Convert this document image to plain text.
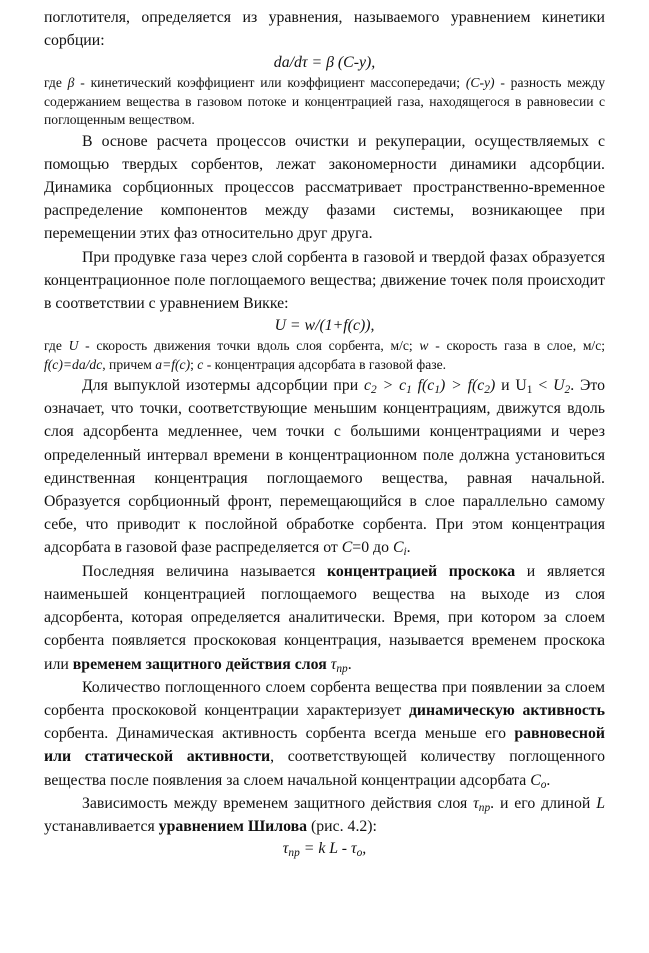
поглотителя, определяется из уравнения, называемого уравнением кинетики сорбции:

da/dτ = β (C-y),

где β - кинетический коэффициент или коэффициент массопередачи; (C-y) - разность между содержанием вещества в газовом потоке и концентрацией газа, находящегося в равновесии с поглощенным веществом.

В основе расчета процессов очистки и рекуперации, осуществляемых с помощью твердых сорбентов, лежат закономерности динамики адсорбции. Динамика сорбционных процессов рассматривает пространственно-временное распределение компонентов между фазами системы, возникающее при перемещении этих фаз относительно друг друга.

При продувке газа через слой сорбента в газовой и твердой фазах образуется концентрационное поле поглощаемого вещества; движение точек поля происходит в соответствии с уравнением Викке:

U = w/(1+f(c)),

где U - скорость движения точки вдоль слоя сорбента, м/с; w - скорость газа в слое, м/с; f(c)=da/dc, причем a=f(c); c - концентрация адсорбата в газовой фазе.

Для выпуклой изотермы адсорбции при $c_2 > c_1$ $f(c_1) > f(c_2)$ и $U_1 < U_2$. Это означает, что точки, соответствующие меньшим концентрациям, движутся вдоль слоя адсорбента медленнее, чем точки с большими концентрациями и через определенный интервал времени в концентрационном поле должна установиться единственная концентрация поглощаемого вещества, равная начальной. Образуется сорбционный фронт, перемещающийся в слое параллельно самому себе, что приводит к послойной обработке сорбента. При этом концентрация адсорбата в газовой фазе распределяется от C=0 до $C_i$.

Последняя величина называется концентрацией проскока и является наименьшей концентрацией поглощаемого вещества на выходе из слоя адсорбента, которая определяется аналитически. Время, при котором за слоем сорбента появляется проскоковая концентрация, называется временем проскока или временем защитного действия слоя $\tau_{пр}$.

Количество поглощенного слоем сорбента вещества при появлении за слоем сорбента проскоковой концентрации характеризует динамическую активность сорбента. Динамическая активность сорбента всегда меньше его равновесной или статической активности, соответствующей количеству поглощенного вещества после появления за слоем начальной концентрации адсорбата $C_o$.

Зависимость между временем защитного действия слоя $\tau_{пр}$. и его длиной L устанавливается уравнением Шилова (рис. 4.2):

$\tau_{пр} = k$ L - $\tau_o$,
